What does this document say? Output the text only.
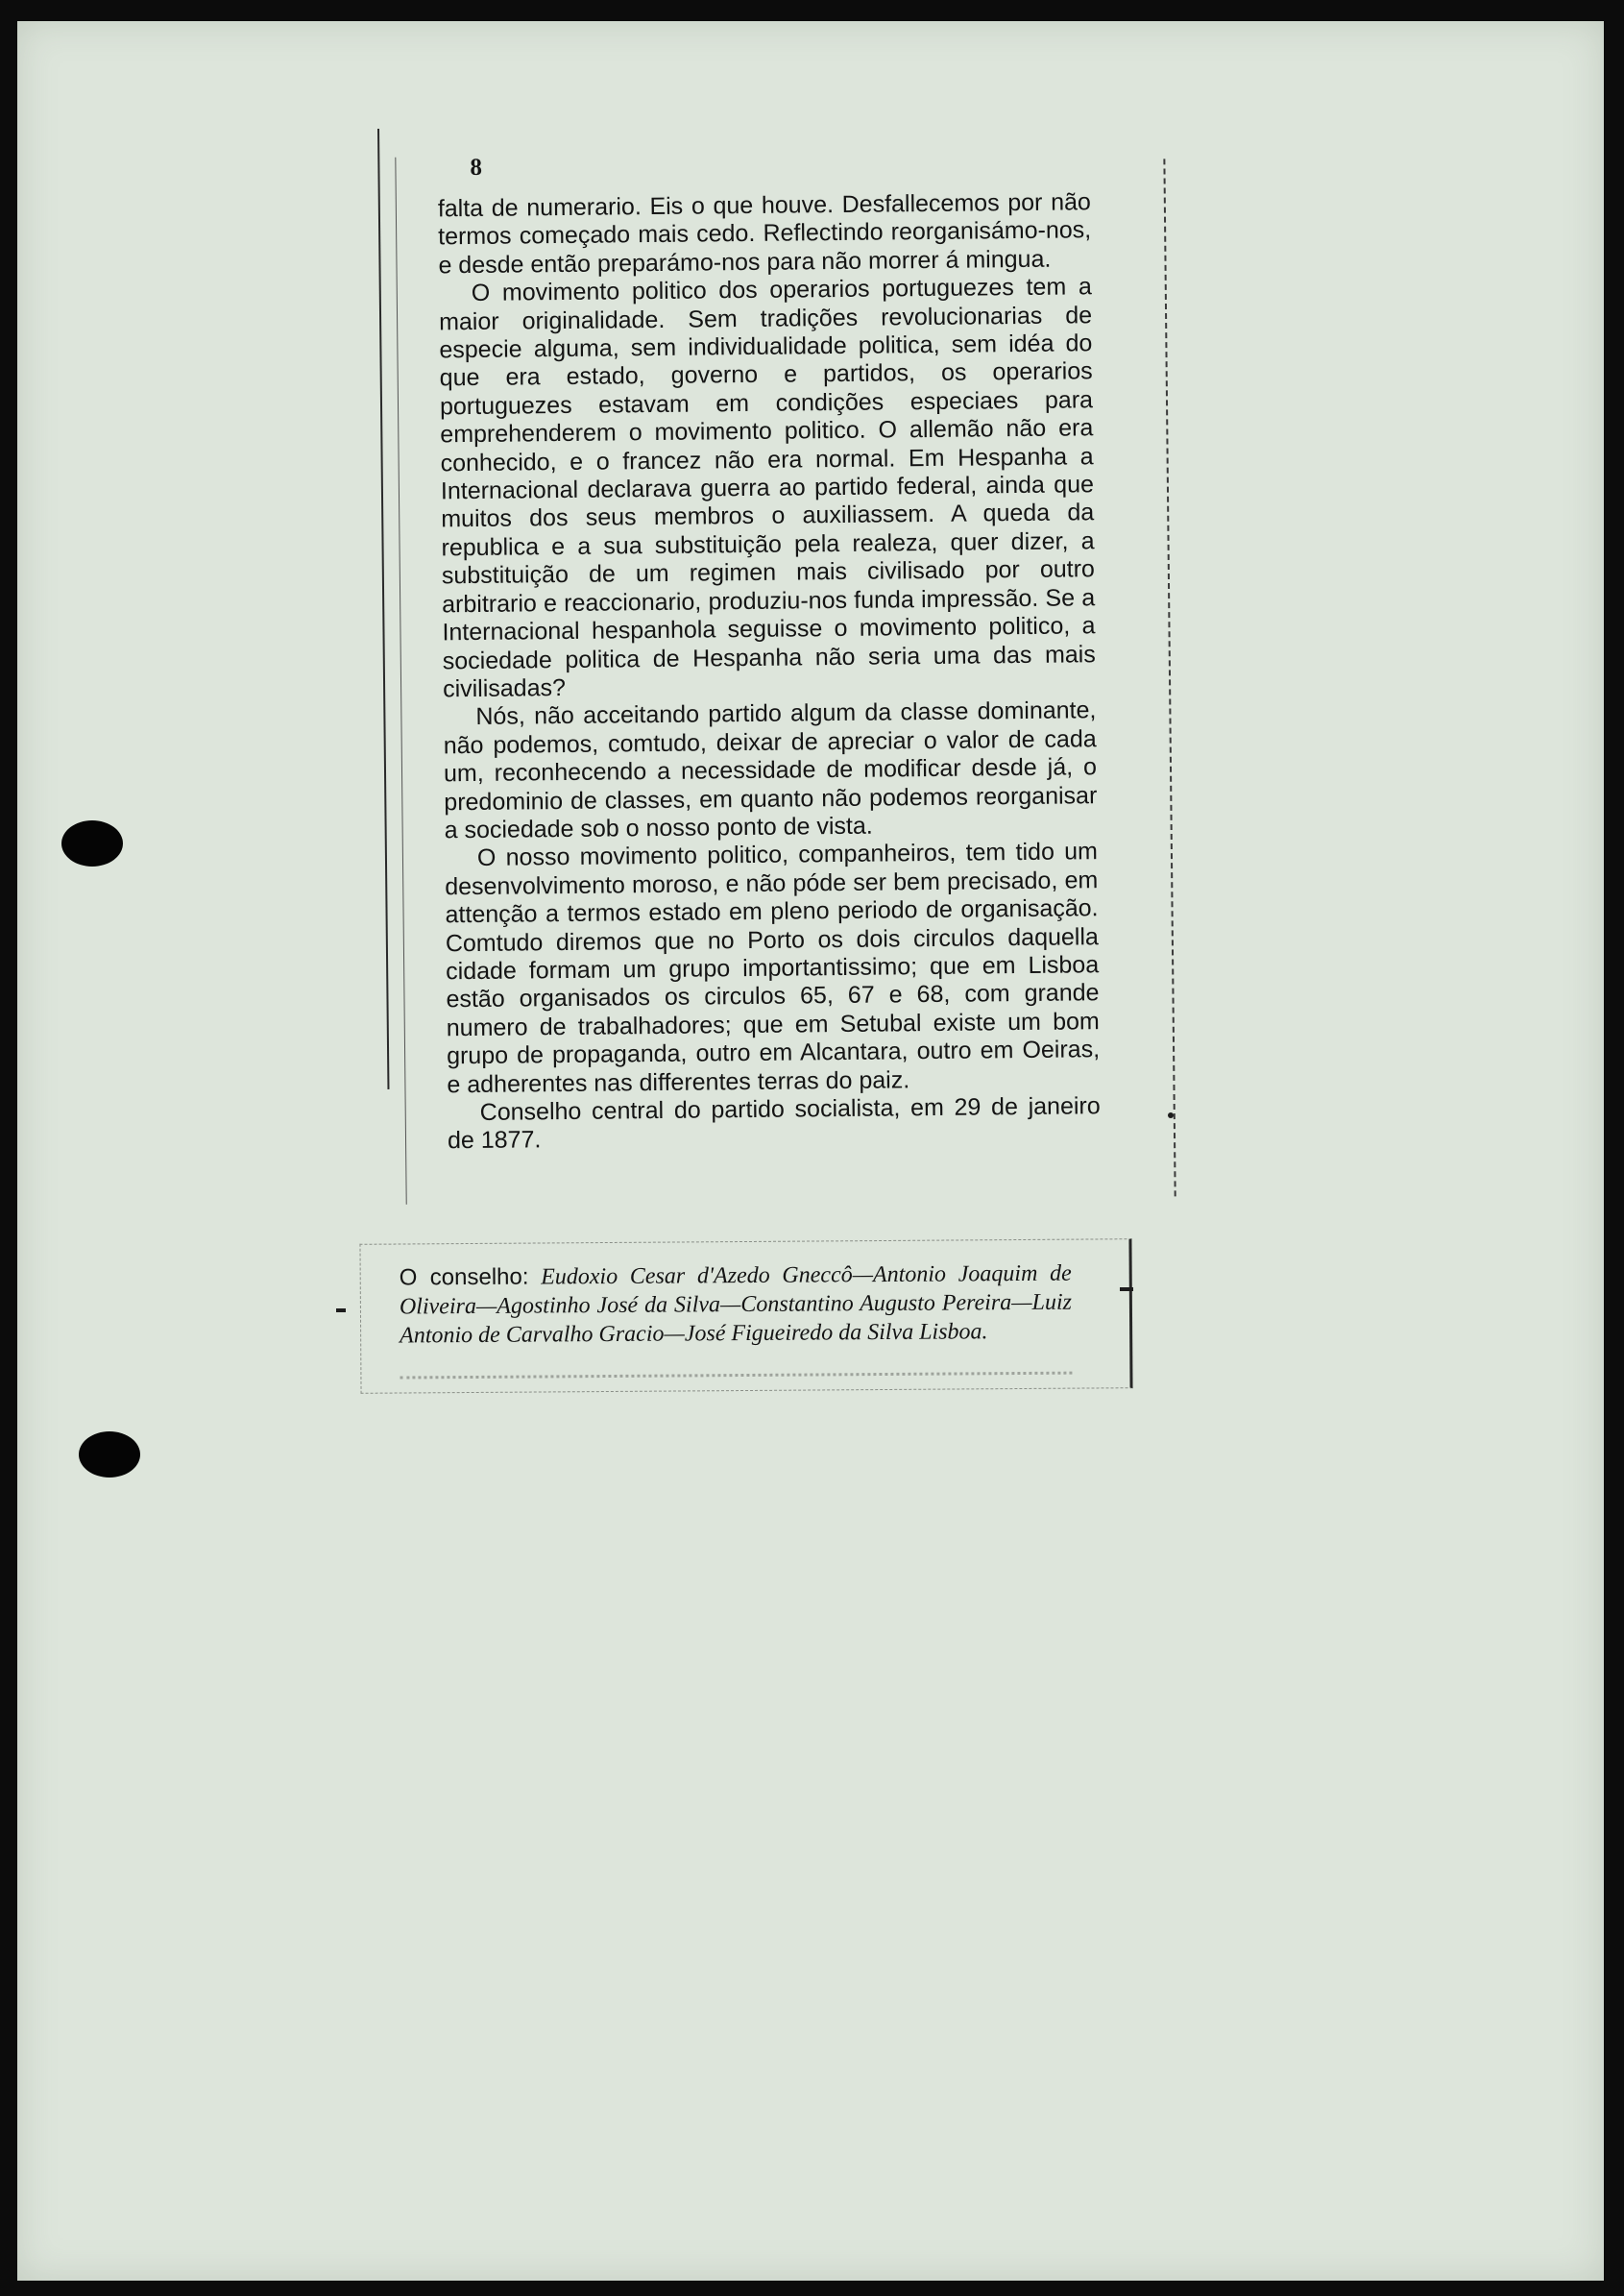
8

falta de numerario. Eis o que houve. Desfallecemos por não termos começado mais cedo. Reflectindo reorganisámo-nos, e desde então preparámo-nos para não morrer á mingua.

O movimento politico dos operarios portuguezes tem a maior originalidade. Sem tradições revolucionarias de especie alguma, sem individualidade politica, sem idéa do que era estado, governo e partidos, os operarios portuguezes estavam em condições especiaes para emprehenderem o movimento politico. O allemão não era conhecido, e o francez não era normal. Em Hespanha a Internacional declarava guerra ao partido federal, ainda que muitos dos seus membros o auxiliassem. A queda da republica e a sua substituição pela realeza, quer dizer, a substituição de um regimen mais civilisado por outro arbitrario e reaccionario, produziu-nos funda impressão. Se a Internacional hespanhola seguisse o movimento politico, a sociedade politica de Hespanha não seria uma das mais civilisadas?

Nós, não acceitando partido algum da classe dominante, não podemos, comtudo, deixar de apreciar o valor de cada um, reconhecendo a necessidade de modificar desde já, o predominio de classes, em quanto não podemos reorganisar a sociedade sob o nosso ponto de vista.

O nosso movimento politico, companheiros, tem tido um desenvolvimento moroso, e não póde ser bem precisado, em attenção a termos estado em pleno periodo de organisação. Comtudo diremos que no Porto os dois circulos daquella cidade formam um grupo importantissimo; que em Lisboa estão organisados os circulos 65, 67 e 68, com grande numero de trabalhadores; que em Setubal existe um bom grupo de propaganda, outro em Alcantara, outro em Oeiras, e adherentes nas differentes terras do paiz.

Conselho central do partido socialista, em 29 de janeiro de 1877.

O conselho: Eudoxio Cesar d'Azedo Gneccô—Antonio Joaquim de Oliveira—Agostinho José da Silva—Constantino Augusto Pereira—Luiz Antonio de Carvalho Gracio—José Figueiredo da Silva Lisboa.
